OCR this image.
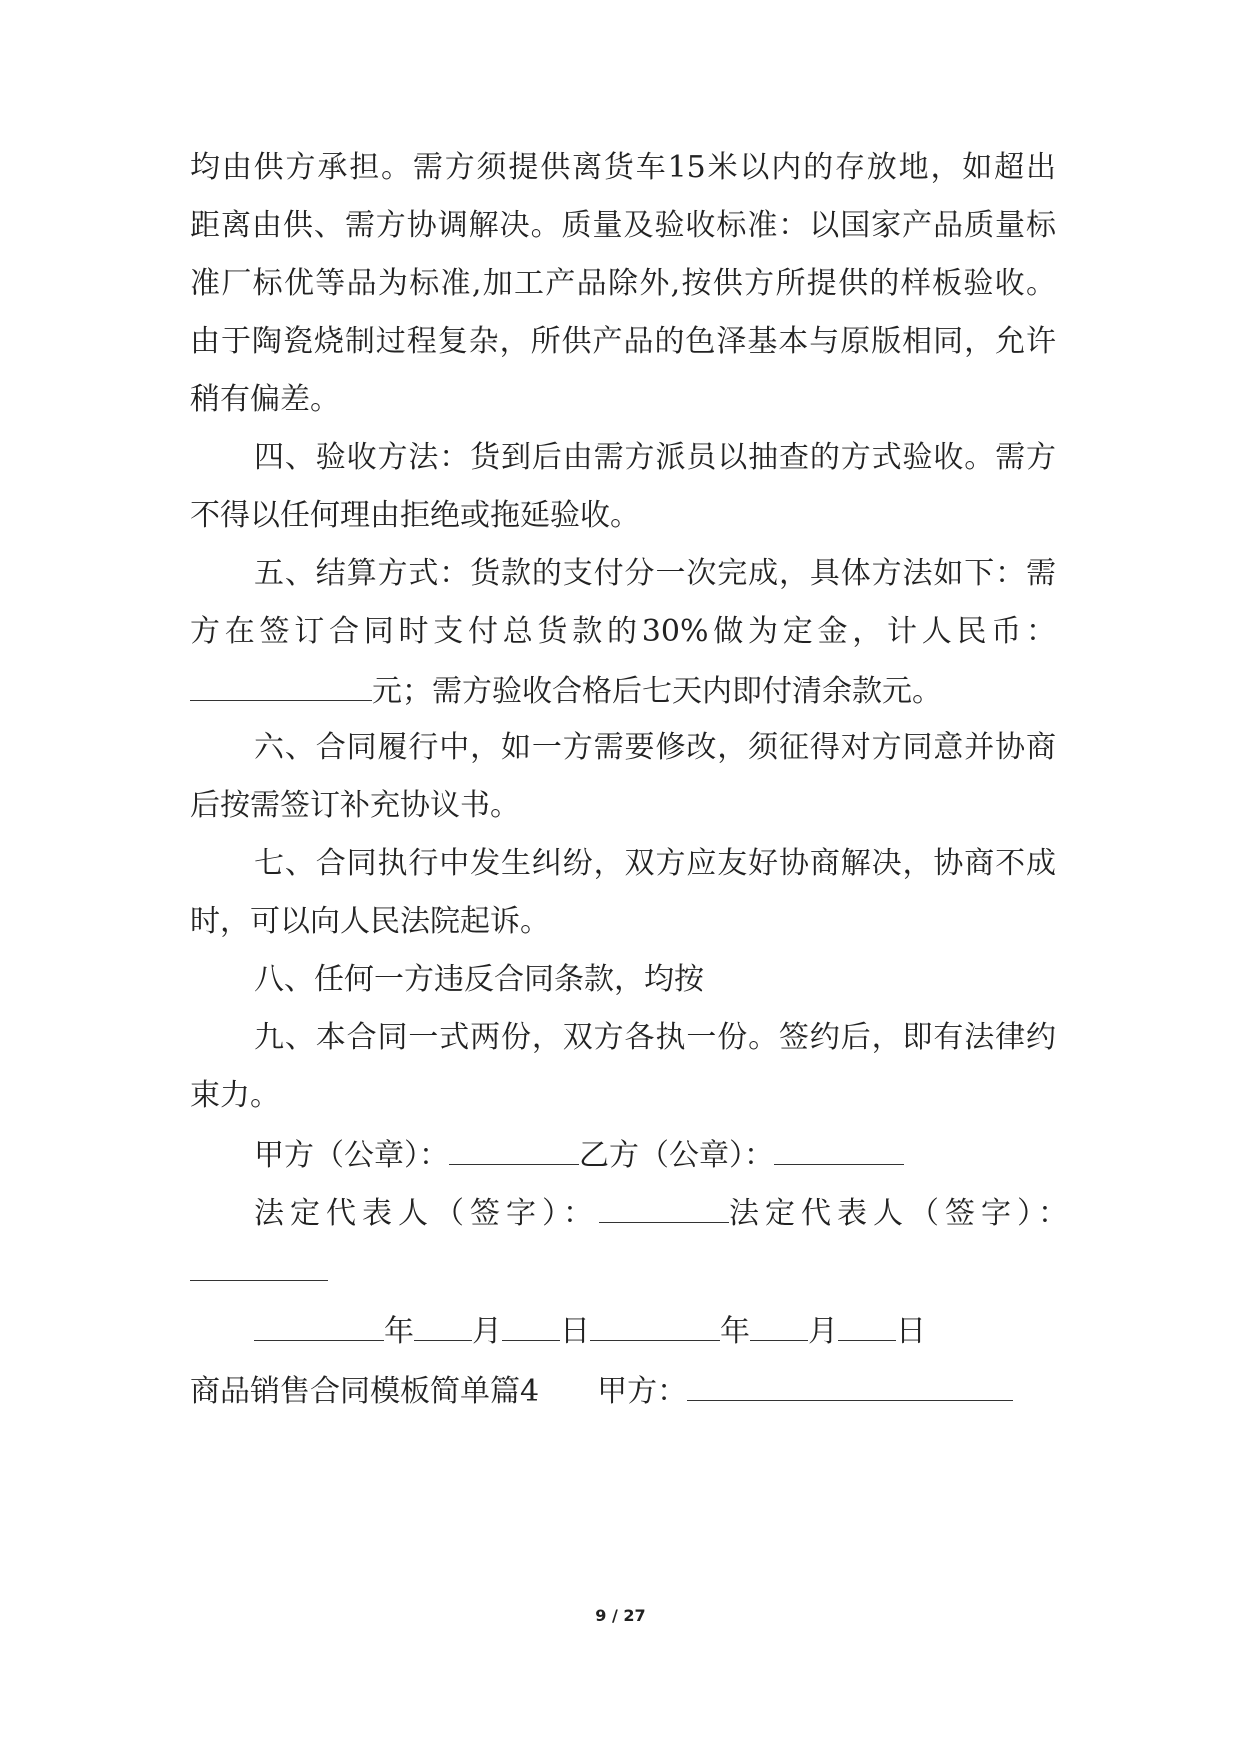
均由供方承担。需方须提供离货车15米以内的存放地，如超出
距离由供、需方协调解决。质量及验收标准：以国家产品质量标
准厂标优等品为标准,加工产品除外,按供方所提供的样板验收。
由于陶瓷烧制过程复杂，所供产品的色泽基本与原版相同，允许
稍有偏差。
四、验收方法：货到后由需方派员以抽查的方式验收。需方
不得以任何理由拒绝或拖延验收。
五、结算方式：货款的支付分一次完成，具体方法如下：需
方在签订合同时支付总货款的30%做为定金，计人民币：
元；需方验收合格后七天内即付清余款元。
六、合同履行中，如一方需要修改，须征得对方同意并协商
后按需签订补充协议书。
七、合同执行中发生纠纷，双方应友好协商解决，协商不成
时，可以向人民法院起诉。
八、任何一方违反合同条款，均按
九、本合同一式两份，双方各执一份。签约后，即有法律约
束力。
甲方（公章）：	乙方（公章）：
法定代表人（签字）：	法定代表人（签字）：
年 月 日	年 月 日
商品销售合同模板简单篇4 甲方：
9 / 27
